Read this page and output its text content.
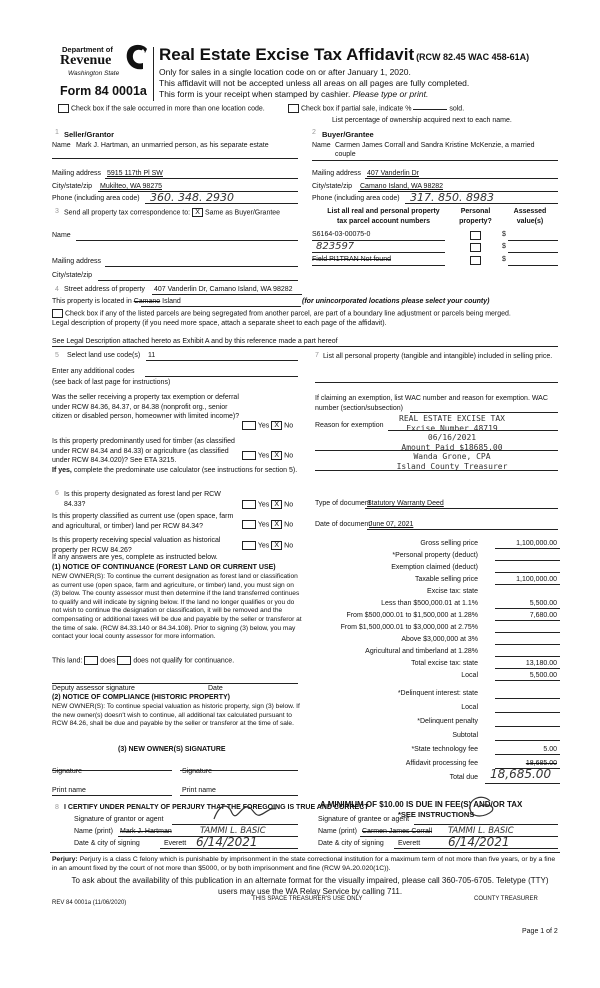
Department of
Revenue
Washington State
Form 84 0001a
Real Estate Excise Tax Affidavit (RCW 82.45 WAC 458-61A)
Only for sales in a single location code on or after January 1, 2020.
This affidavit will not be accepted unless all areas on all pages are fully completed.
This form is your receipt when stamped by cashier. Please type or print.
Check box if the sale occurred in more than one location code.	Check box if partial sale, indicate %	sold.
List percentage of ownership acquired next to each name.
1 Seller/Grantor
Name Mark J. Hartman, an unmarried person, as his separate estate
Mailing address 5915 117th Pl SW
City/state/zip Mukilteo, WA 98275
Phone (including area code) 360. 348. 2930
2 Buyer/Grantee
Name Carmen James Corrall and Sandra Kristine McKenzie, a married
couple
Mailing address 407 Vanderlin Dr
City/state/zip Camano Island, WA 98282
Phone (including area code) 317. 850. 8983
3 Send all property tax correspondence to: X Same as Buyer/Grantee
Name
Mailing address
City/state/zip
List all real and personal property
tax parcel account numbers
Personal
property?
Assessed
value(s)
S6164-03-00075-0	$
823597	$
Field PI1TRAN Not found	$
4 Street address of property 407 Vanderlin Dr, Camano Island, WA 98282
This property is located in Camano Island	(for unincorporated locations please select your county)
Check box if any of the listed parcels are being segregated from another parcel, are part of a boundary line adjustment or parcels being merged.
Legal description of property (if you need more space, attach a separate sheet to each page of the affidavit).
See Legal Description attached hereto as Exhibit A and by this reference made a part hereof
5 Select land use code(s) 11
Enter any additional codes
(see back of last page for instructions)
Was the seller receiving a property tax exemption or deferral under RCW 84.36, 84.37, or 84.38 (nonprofit org., senior citizen or disabled person, homeowner with limited income)?
Yes X No
Is this property predominantly used for timber (as classified under RCW 84.34 and 84.33) or agriculture (as classified under RCW 84.34.020)? See ETA 3215.
Yes X No
If yes, complete the predominate use calculator (see instructions for section 5).
6 Is this property designated as forest land per RCW 84.33?	Yes X No
Is this property classified as current use (open space, farm and agricultural, or timber) land per RCW 84.34?	Yes X No
Is this property receiving special valuation as historical property per RCW 84.26?
Yes X No
If any answers are yes, complete as instructed below.
(1) NOTICE OF CONTINUANCE (FOREST LAND OR CURRENT USE)
NEW OWNER(S): To continue the current designation as forest land or classification as current use (open space, farm and agriculture, or timber) land, you must sign on (3) below. The county assessor must then determine if the land transferred continues to qualify and will indicate by signing below. If the land no longer qualifies or you do not wish to continue the designation or classification, it will be removed and the compensating or additional taxes will be due and payable by the seller or transferor at the time of sale. (RCW 84.33.140 or 84.34.108). Prior to signing (3) below, you may contact your local county assessor for more information.
This land:	does	does not qualify for continuance.
Deputy assessor signature	Date
(2) NOTICE OF COMPLIANCE (HISTORIC PROPERTY)
NEW OWNER(S): To continue special valuation as historic property, sign (3) below. If the new owner(s) doesn't wish to continue, all additional tax calculated pursuant to RCW 84.26, shall be due and payable by the seller or transferor at the time of sale.
(3) NEW OWNER(S) SIGNATURE
Signature	Signature
Print name	Print name
7 List all personal property (tangible and intangible) included in selling price.
If claiming an exemption, list WAC number and reason for exemption. WAC number (section/subsection)
Reason for exemption
REAL ESTATE EXCISE TAX
Excise Number 48719
06/16/2021
Amount Paid $18685.00
Wanda Grone, CPA
Island County Treasurer
Type of document
Statutory Warranty Deed
Date of document
June 07, 2021
Gross selling price	1,100,000.00
*Personal property (deduct)
Exemption claimed (deduct)
Taxable selling price	1,100,000.00
Excise tax: state
Less than $500,000.01 at 1.1%	5,500.00
From $500,000.01 to $1,500,000 at 1.28%	7,680.00
From $1,500,000.01 to $3,000,000 at 2.75%
Above $3,000,000 at 3%
Agricultural and timberland at 1.28%
Total excise tax: state	13,180.00
Local	5,500.00
*Delinquent interest: state
Local
*Delinquent penalty
Subtotal
*State technology fee	5.00
Affidavit processing fee	18,685.00
Total due 18,685.00
A MINIMUM OF $10.00 IS DUE IN FEE(S) AND/OR TAX
*SEE INSTRUCTIONS
8 I CERTIFY UNDER PENALTY OF PERJURY THAT THE FOREGOING IS TRUE AND CORRECT
Signature of grantor or agent	Signature of grantee or agent
Name (print) Mark J. Hartman	TAMMI L. BASIC	Name (print) Carmen James Corrall TAMMI L. BASIC
Date & city of signing	Everett 6/14/2021	Date & city of signing Everett 6/14/2021
Perjury: Perjury is a class C felony which is punishable by imprisonment in the state correctional institution for a maximum term of not more than five years, or by a fine in an amount fixed by the court of not more than $5000, or by both imprisonment and fine (RCW 9A.20.020(1C)).
To ask about the availability of this publication in an alternate format for the visually impaired, please call 360-705-6705. Teletype (TTY) users may use the WA Relay Service by calling 711.
REV 84 0001a (11/06/2020)
THIS SPACE TREASURER'S USE ONLY	COUNTY TREASURER
Page 1 of 2
